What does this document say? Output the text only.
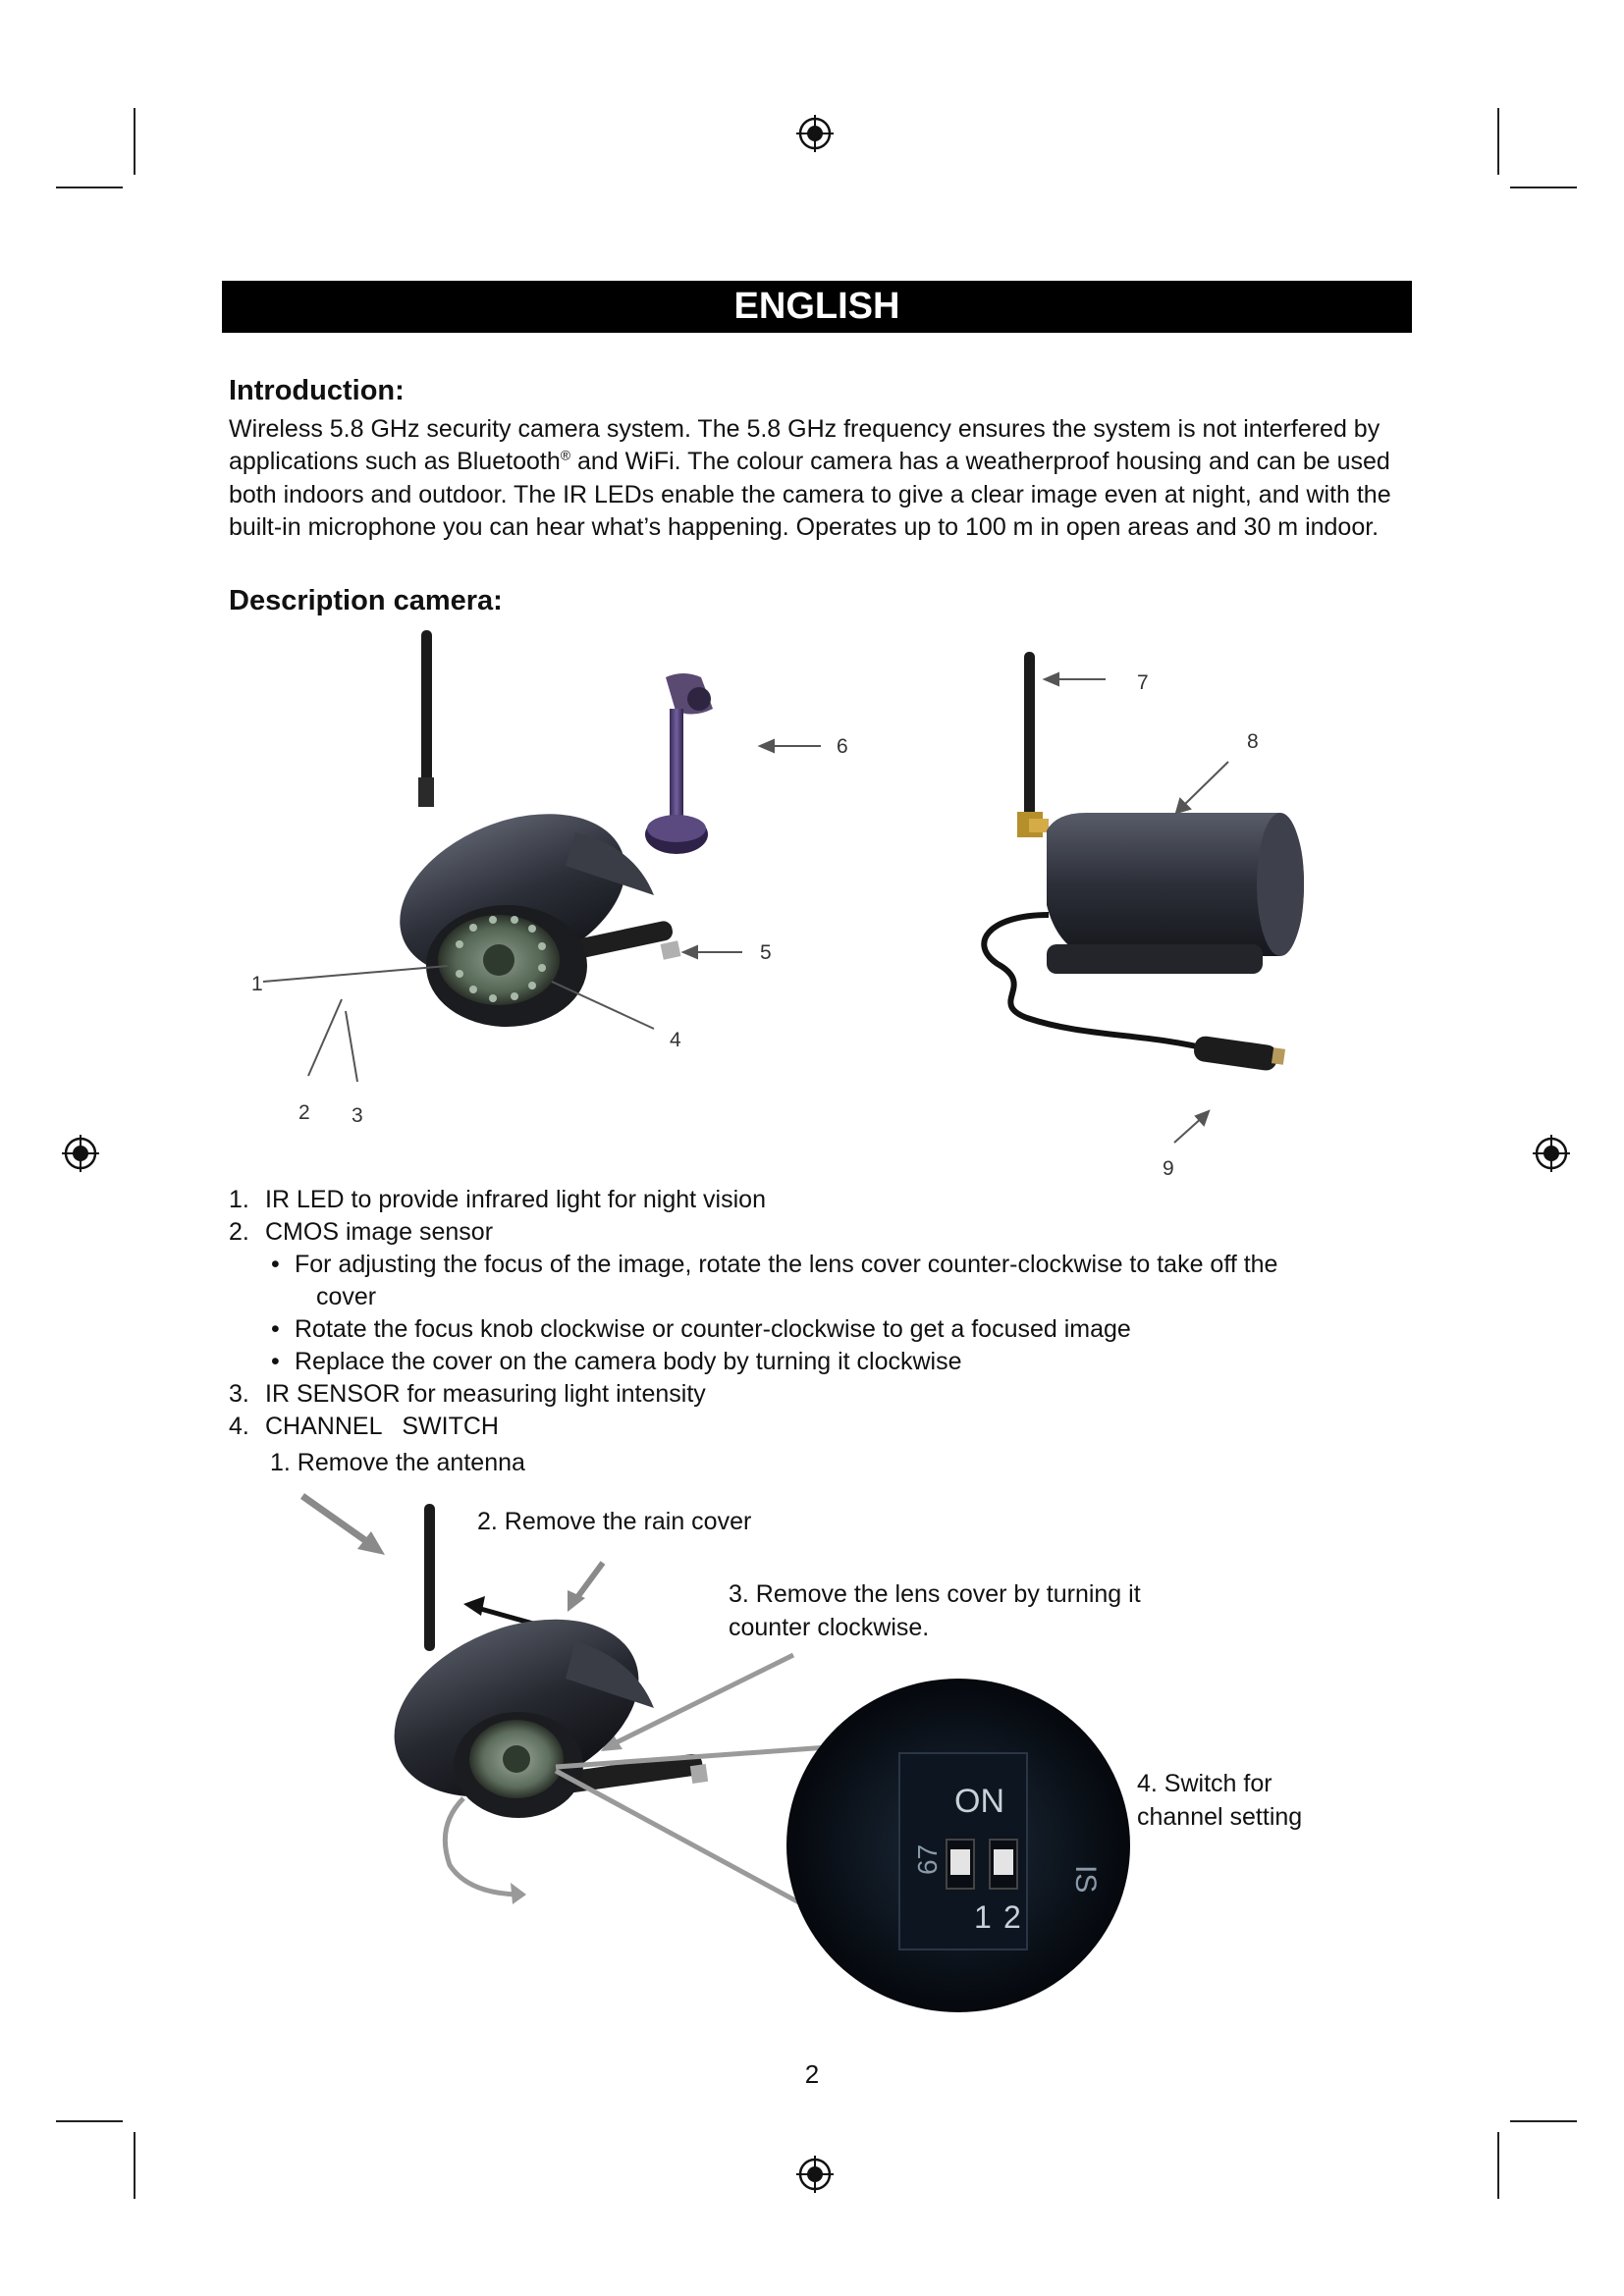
ENGLISH
Introduction:
Wireless 5.8 GHz security camera system. The 5.8 GHz frequency ensures the system is not interfered by applications such as Bluetooth® and WiFi. The colour camera has a weatherproof housing and can be used both indoors and outdoor. The IR LEDs enable the camera to give a clear image even at night, and with the built-in microphone you can hear what’s happening. Operates up to 100 m in open areas and 30 m indoor.
Description camera:
1
2 3
4
5
6
7
8
9
1. IR LED to provide infrared light for night vision
2. CMOS image sensor
• For adjusting the focus of the image, rotate the lens cover counter-clockwise to take off the
cover
• Rotate the focus knob clockwise or counter-clockwise to get a focused image
• Replace the cover on the camera body by turning it clockwise
3. IR SENSOR for measuring light intensity
4. CHANNEL   SWITCH
1. Remove the antenna
2. Remove the rain cover
3. Remove the lens cover by turning it
counter clockwise.
4. Switch for
channel setting
ON
1 2
67
IS
2
